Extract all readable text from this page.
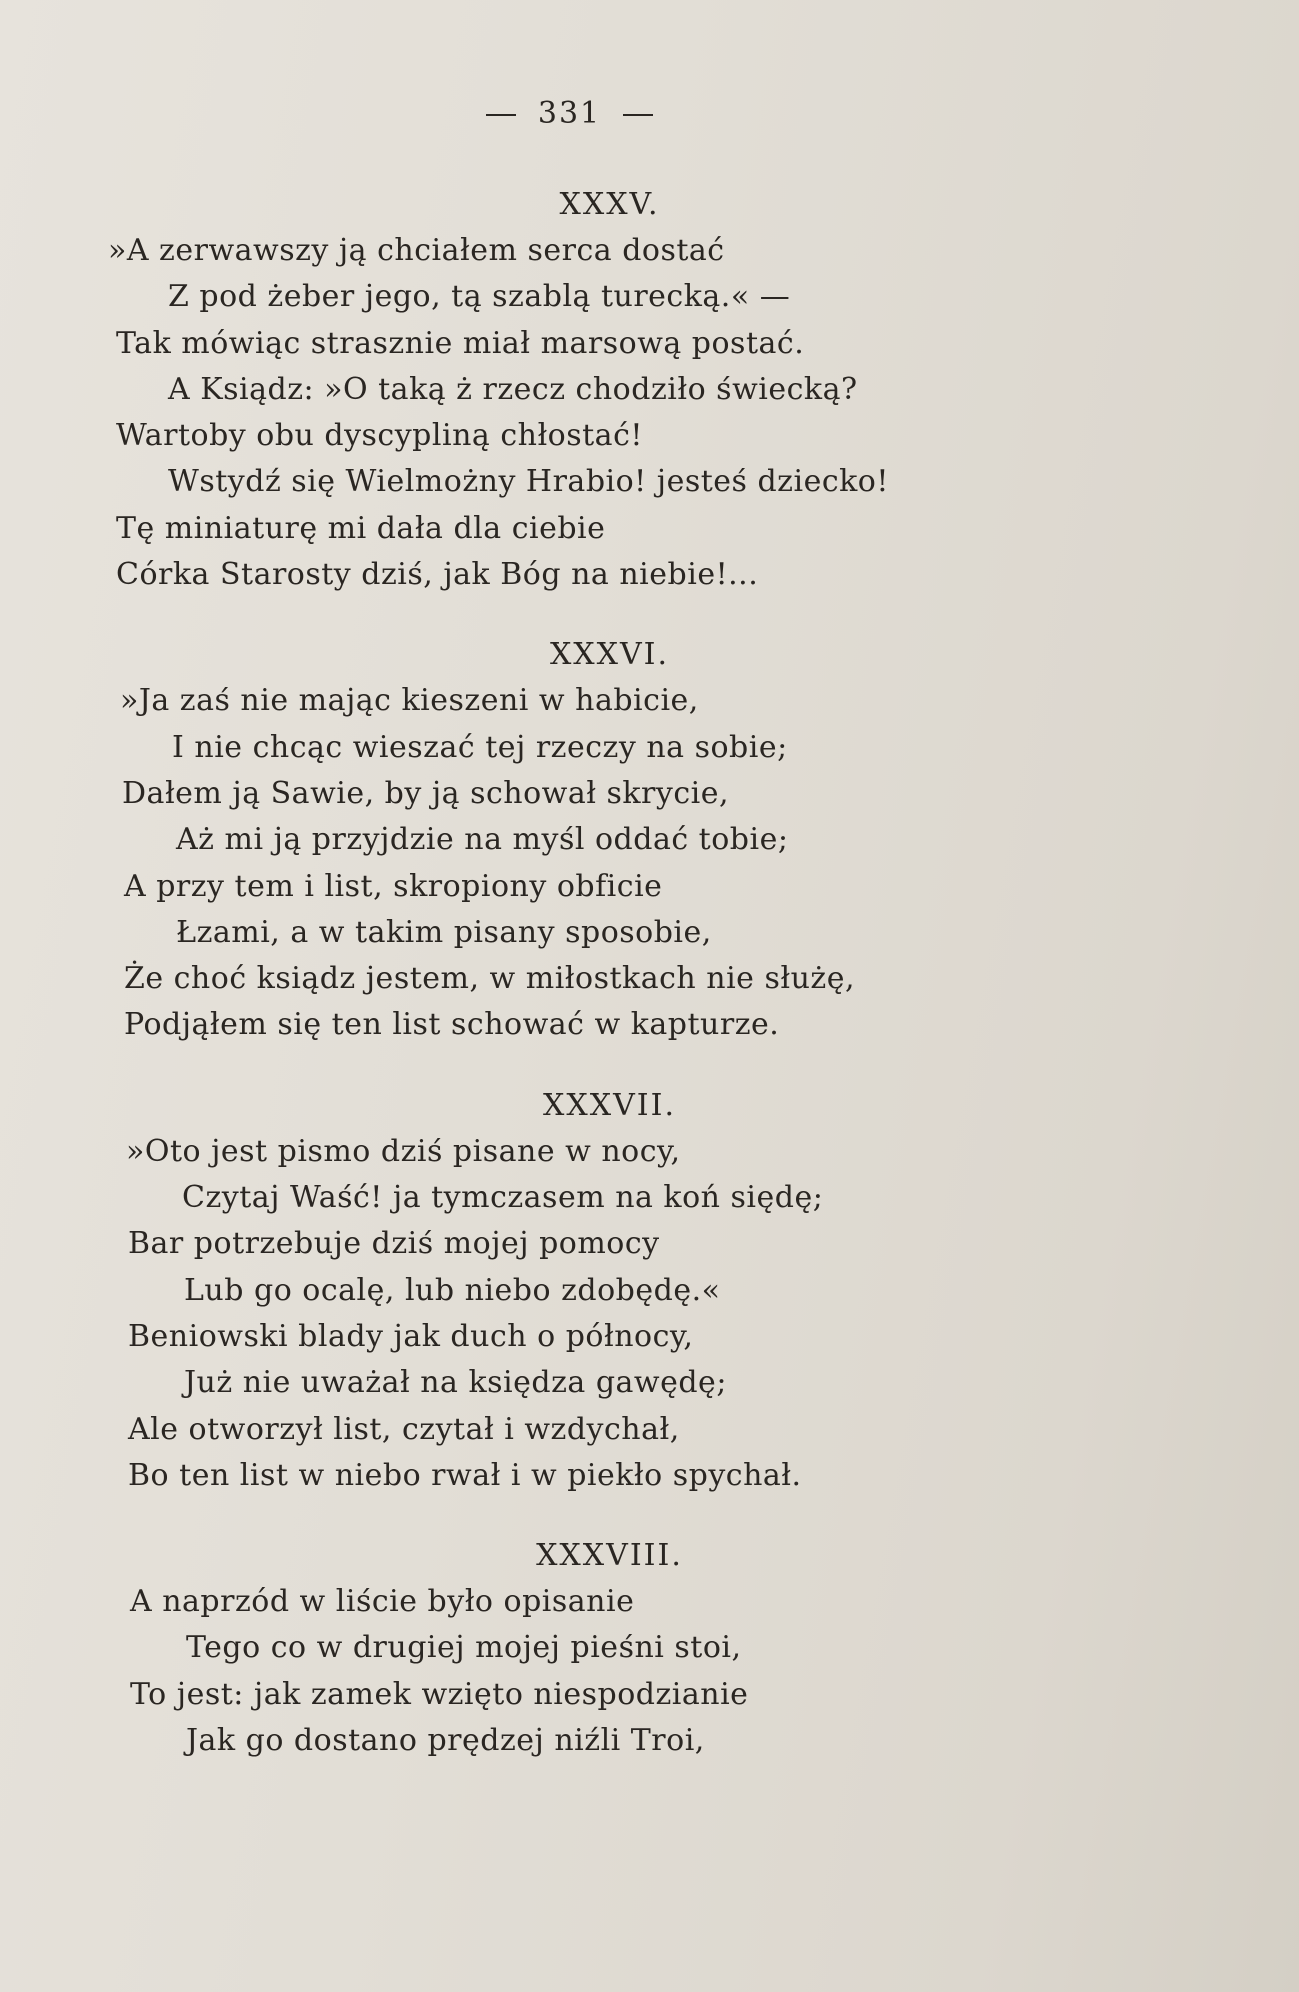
331
XXXV.
»A zerwawszy ją chciałem serca dostać
Z pod żeber jego, tą szablą turecką.« —
Tak mówiąc strasznie miał marsową postać.
A Ksiądz: »O taką ż rzecz chodziło świecką?
Wartoby obu dyscypliną chłostać!
Wstydź się Wielmożny Hrabio! jesteś dziecko!
Tę miniaturę mi dała dla ciebie
Córka Starosty dziś, jak Bóg na niebie!...
XXXVI.
»Ja zaś nie mając kieszeni w habicie,
I nie chcąc wieszać tej rzeczy na sobie;
Dałem ją Sawie, by ją schował skrycie,
Aż mi ją przyjdzie na myśl oddać tobie;
A przy tem i list, skropiony obficie
Łzami, a w takim pisany sposobie,
Że choć ksiądz jestem, w miłostkach nie służę,
Podjąłem się ten list schować w kapturze.
XXXVII.
»Oto jest pismo dziś pisane w nocy,
Czytaj Waść! ja tymczasem na koń siędę;
Bar potrzebuje dziś mojej pomocy
Lub go ocalę, lub niebo zdobędę.«
Beniowski blady jak duch o północy,
Już nie uważał na księdza gawędę;
Ale otworzył list, czytał i wzdychał,
Bo ten list w niebo rwał i w piekło spychał.
XXXVIII.
A naprzód w liście było opisanie
Tego co w drugiej mojej pieśni stoi,
To jest: jak zamek wzięto niespodzianie
Jak go dostano prędzej niźli Troi,
